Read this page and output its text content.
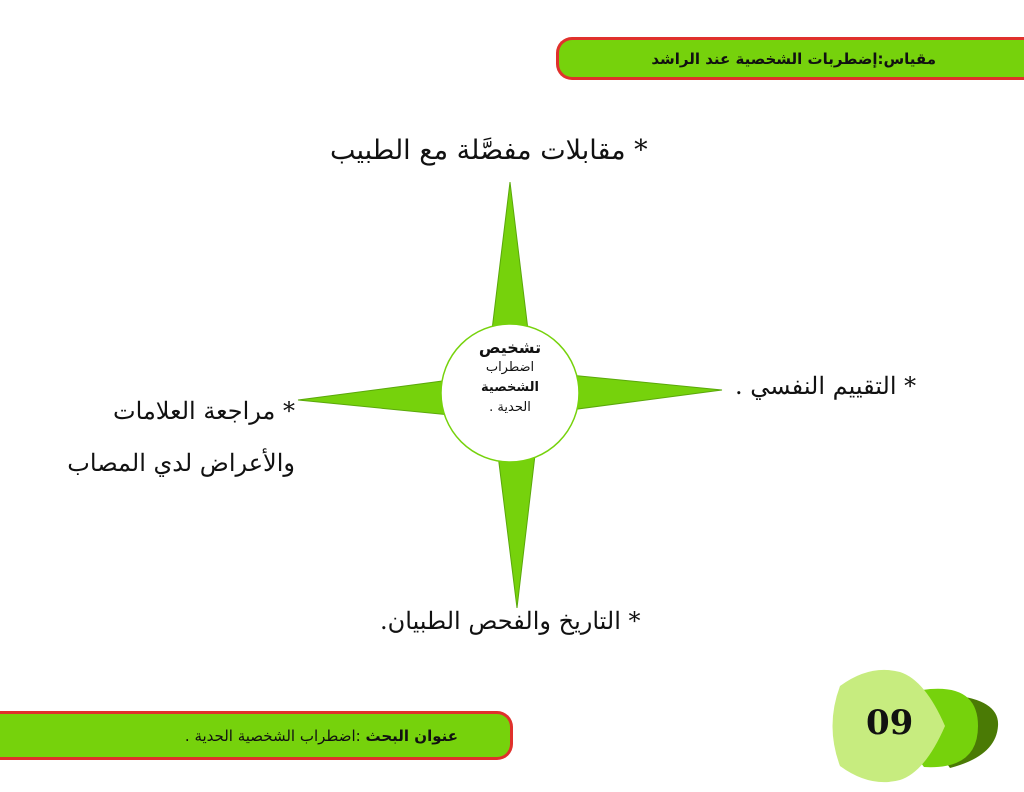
مقياس:إضطربات الشخصية عند الراشد
تشخيص
اضطراب
الشخصية
الحدية .
* مقابلات مفصَّلة مع الطبيب
* التقييم النفسي .
* مراجعة العلامات
والأعراض لدي المصاب
* التاريخ والفحص الطبيان.
عنوان البحث :اضطراب الشخصية الحدية .	09
